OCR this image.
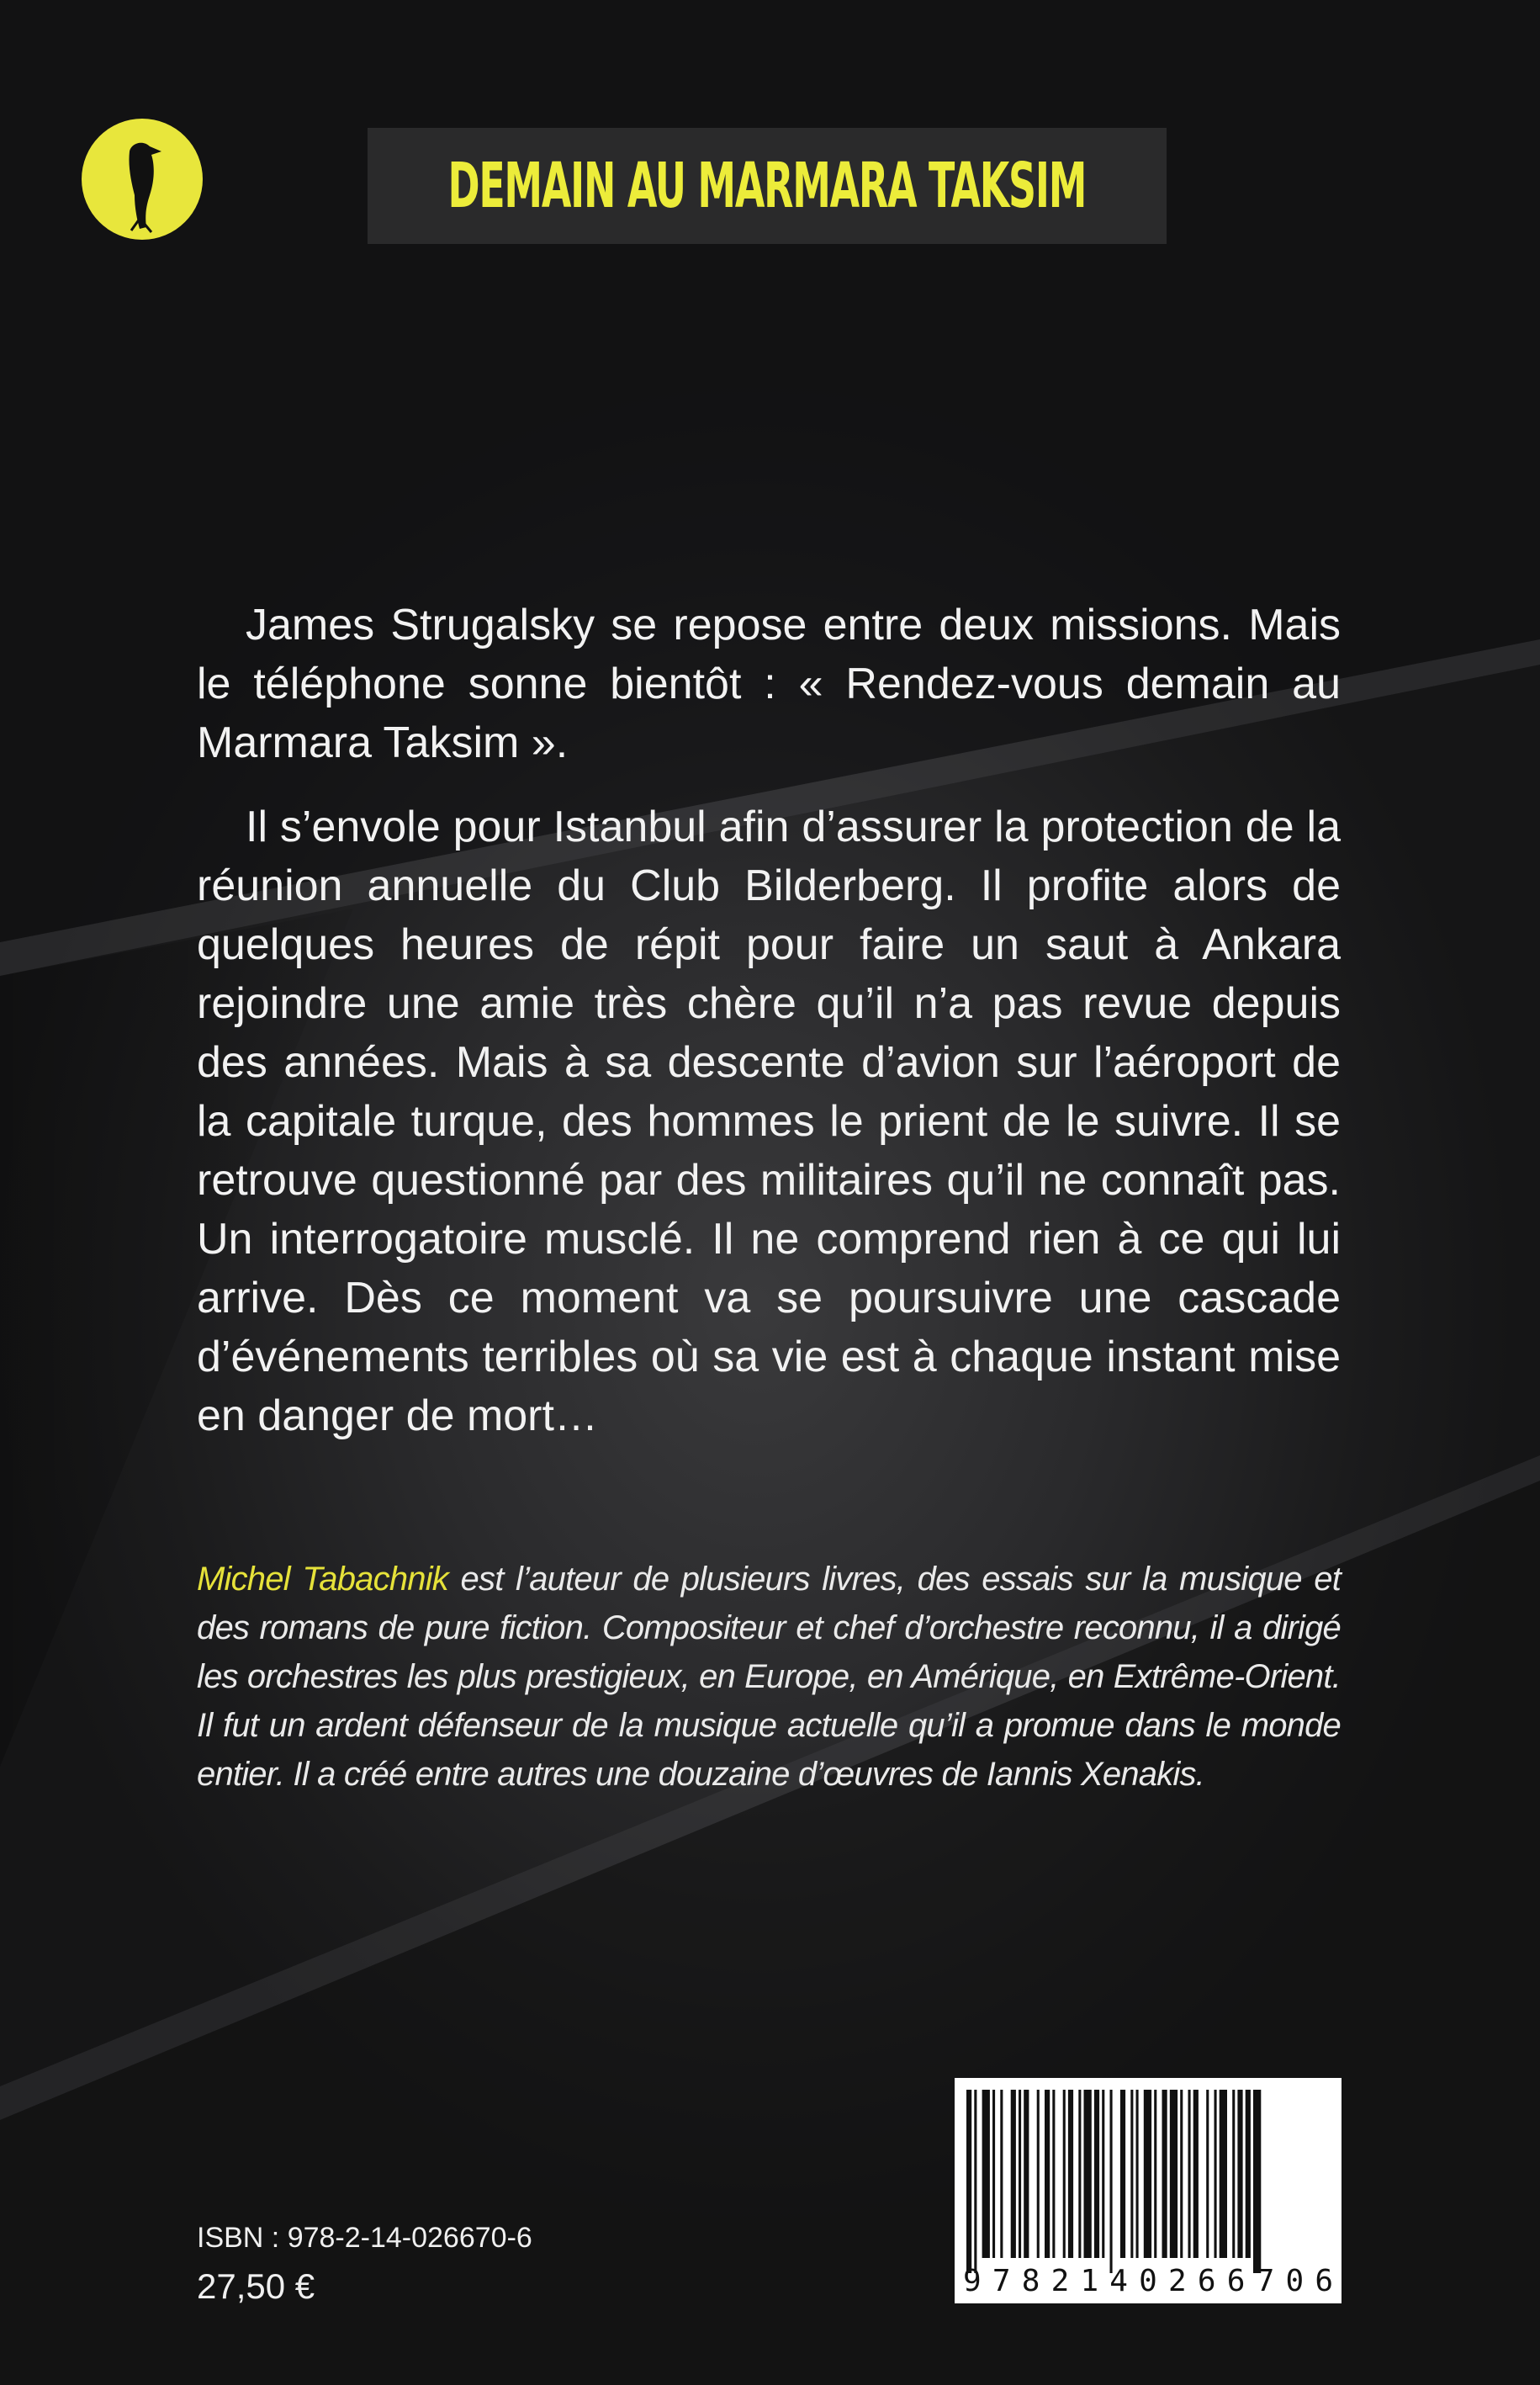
DEMAIN AU MARMARA TAKSIM

James Strugalsky se repose entre deux missions. Mais le téléphone sonne bientôt : « Rendez-vous demain au Marmara Taksim ».

Il s’envole pour Istanbul afin d’assurer la protection de la réunion annuelle du Club Bilderberg. Il profite alors de quelques heures de répit pour faire un saut à Ankara rejoindre une amie très chère qu’il n’a pas revue depuis des années. Mais à sa descente d’avion sur l’aéroport de la capitale turque, des hommes le prient de le suivre. Il se retrouve questionné par des militaires qu’il ne connaît pas. Un interrogatoire musclé. Il ne comprend rien à ce qui lui arrive. Dès ce moment va se poursuivre une cascade d’événements terribles où sa vie est à chaque instant mise en danger de mort…

Michel Tabachnik est l’auteur de plusieurs livres, des essais sur la musique et des romans de pure fiction. Compositeur et chef d’orchestre reconnu, il a dirigé les orchestres les plus prestigieux, en Europe, en Amérique, en Extrême-Orient. Il fut un ardent défenseur de la musique actuelle qu’il a promue dans le monde entier. Il a créé entre autres une douzaine d’œuvres de Iannis Xenakis.
ISBN : 978-2-14-026670-6
27,50 €	9 7 8 2 1 4 0 2 6 6 7 0 6
